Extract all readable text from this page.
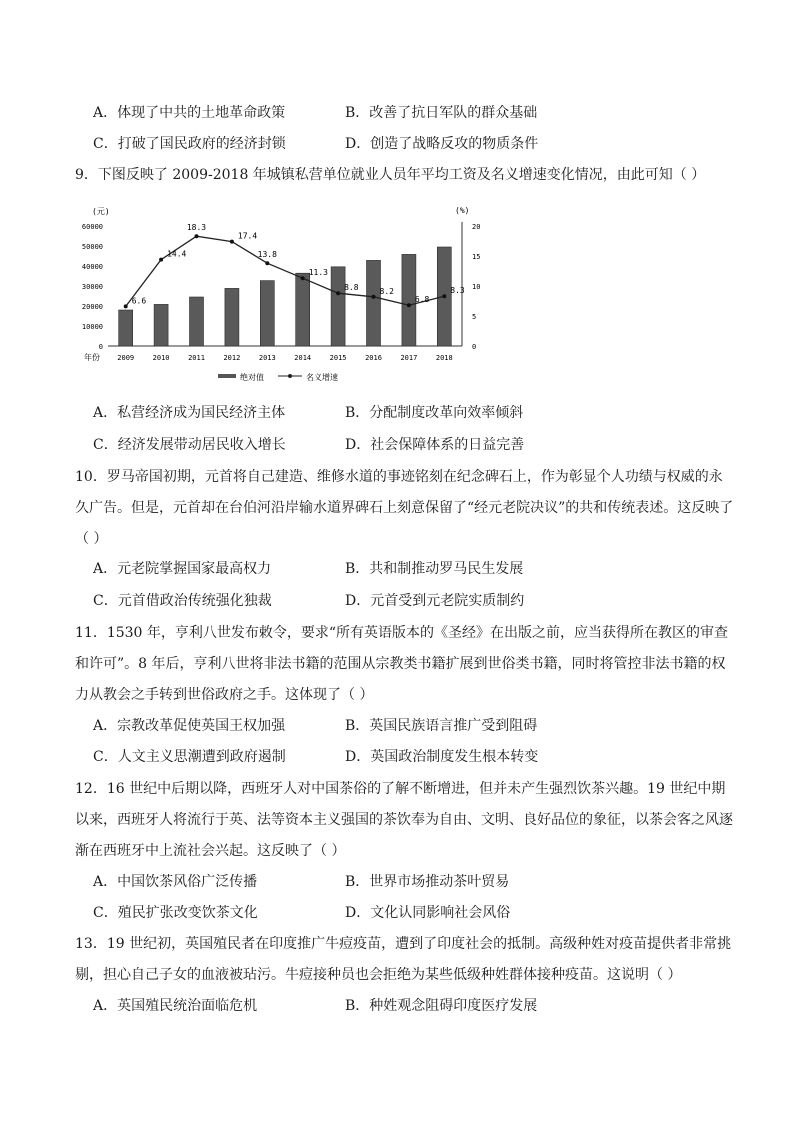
A．体现了中共的土地革命政策	B．改善了抗日军队的群众基础
C．打破了国民政府的经济封锁	D．创造了战略反攻的物质条件
9．下图反映了 2009-2018 年城镇私营单位就业人员年平均工资及名义增速变化情况，由此可知（ ）
(元)
60000
50000
40000
30000
20000
10000
0
(%)
20
15
10
5
0
年份 2009	2010	2011	2012	2013	2014	2015	2016	2017	2018
6.6
14.4
18.3
17.4
13.8
11.3
8.8	8.2
6.8
8.3
绝对值	名义增速
A．私营经济成为国民经济主体	B．分配制度改革向效率倾斜
C．经济发展带动居民收入增长	D．社会保障体系的日益完善
10．罗马帝国初期，元首将自己建造、维修水道的事迹铭刻在纪念碑石上，作为彰显个人功绩与权威的永久广告。但是，元首却在台伯河沿岸输水道界碑石上刻意保留了“经元老院决议”的共和传统表述。这反映了（ ）
A．元老院掌握国家最高权力	B．共和制推动罗马民生发展
C．元首借政治传统强化独裁	D．元首受到元老院实质制约
11．1530 年，亨利八世发布敕令，要求“所有英语版本的《圣经》在出版之前，应当获得所在教区的审查和许可”。8 年后，亨利八世将非法书籍的范围从宗教类书籍扩展到世俗类书籍，同时将管控非法书籍的权力从教会之手转到世俗政府之手。这体现了（ ）
A．宗教改革促使英国王权加强	B．英国民族语言推广受到阻碍
C．人文主义思潮遭到政府遏制	D．英国政治制度发生根本转变
12．16 世纪中后期以降，西班牙人对中国茶俗的了解不断增进，但并未产生强烈饮茶兴趣。19 世纪中期以来，西班牙人将流行于英、法等资本主义强国的茶饮奉为自由、文明、良好品位的象征，以茶会客之风逐渐在西班牙中上流社会兴起。这反映了（ ）
A．中国饮茶风俗广泛传播	B．世界市场推动茶叶贸易
C．殖民扩张改变饮茶文化	D．文化认同影响社会风俗
13．19 世纪初，英国殖民者在印度推广牛痘疫苗，遭到了印度社会的抵制。高级种姓对疫苗提供者非常挑剔，担心自己子女的血液被玷污。牛痘接种员也会拒绝为某些低级种姓群体接种疫苗。这说明（ ）
A．英国殖民统治面临危机	B．种姓观念阻碍印度医疗发展
